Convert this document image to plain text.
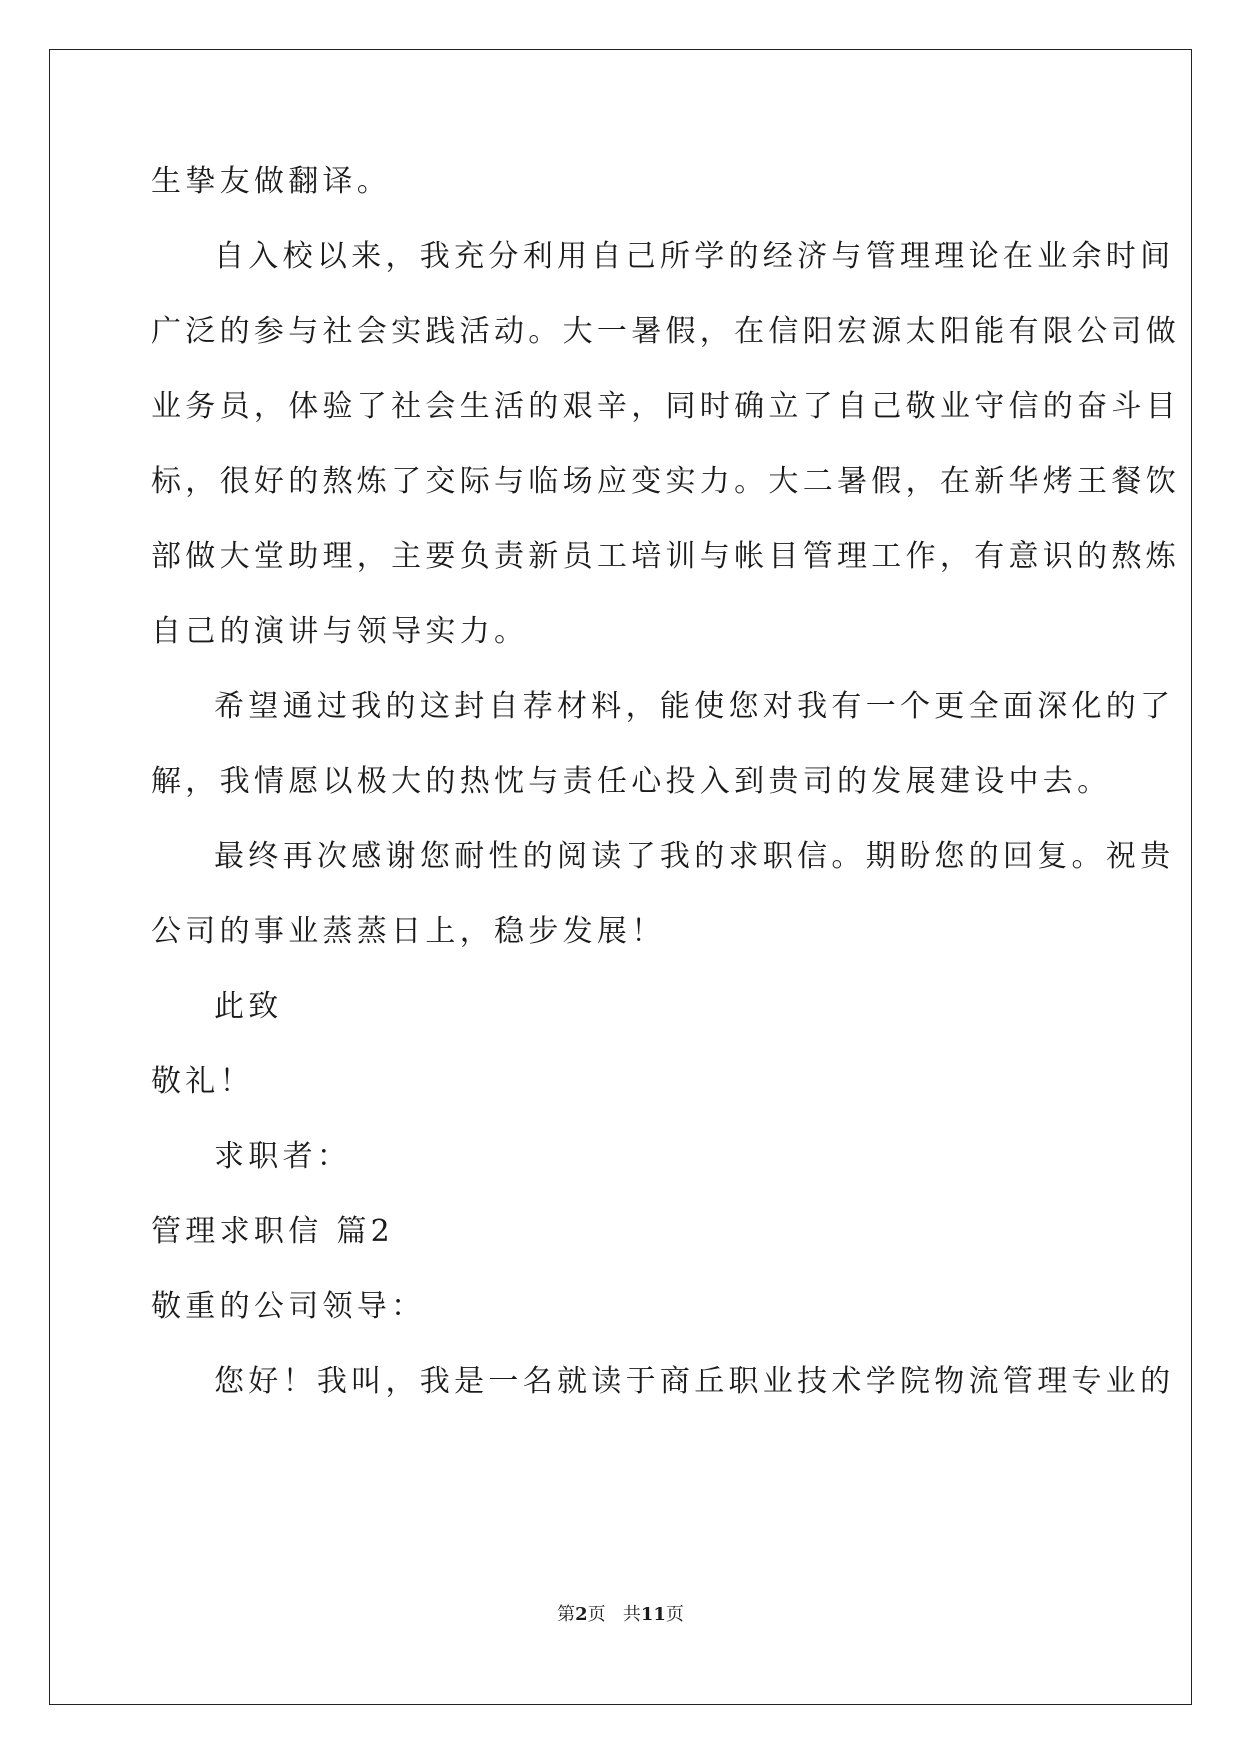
生挚友做翻译。
自入校以来，我充分利用自己所学的经济与管理理论在业余时间
广泛的参与社会实践活动。大一暑假，在信阳宏源太阳能有限公司做
业务员，体验了社会生活的艰辛，同时确立了自己敬业守信的奋斗目
标，很好的熬炼了交际与临场应变实力。大二暑假，在新华烤王餐饮
部做大堂助理，主要负责新员工培训与帐目管理工作，有意识的熬炼
自己的演讲与领导实力。
希望通过我的这封自荐材料，能使您对我有一个更全面深化的了
解，我情愿以极大的热忱与责任心投入到贵司的发展建设中去。
最终再次感谢您耐性的阅读了我的求职信。期盼您的回复。祝贵
公司的事业蒸蒸日上，稳步发展！
此致
敬礼！
求职者：
管理求职信 篇2
敬重的公司领导：
您好！我叫，我是一名就读于商丘职业技术学院物流管理专业的
第2页 共11页
